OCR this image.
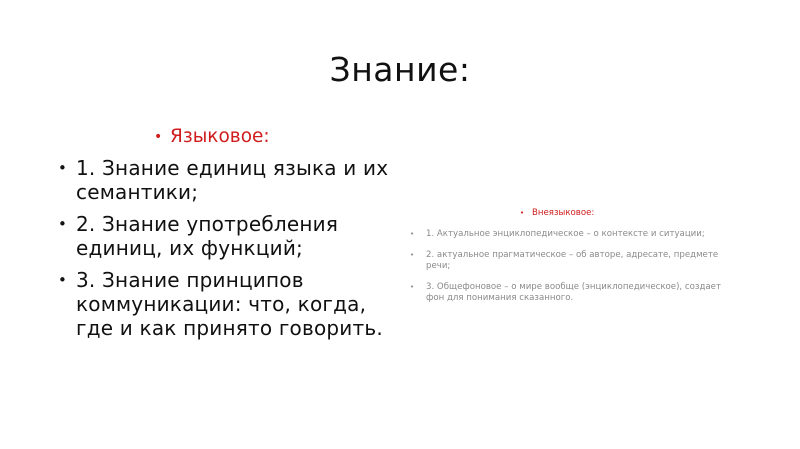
Знание:
• Языковое:
• 1. Знание единиц языка и их семантики;
• 2. Знание употребления единиц, их функций;
• 3. Знание принципов коммуникации: что, когда, где и как принято говорить.
• Внеязыковое:
• 1. Актуальное энциклопедическое – о контексте и ситуации;
• 2. актуальное прагматическое – об авторе, адресате, предмете речи;
• 3. Общефоновое – о мире вообще (энциклопедическое), создает фон для понимания сказанного.
